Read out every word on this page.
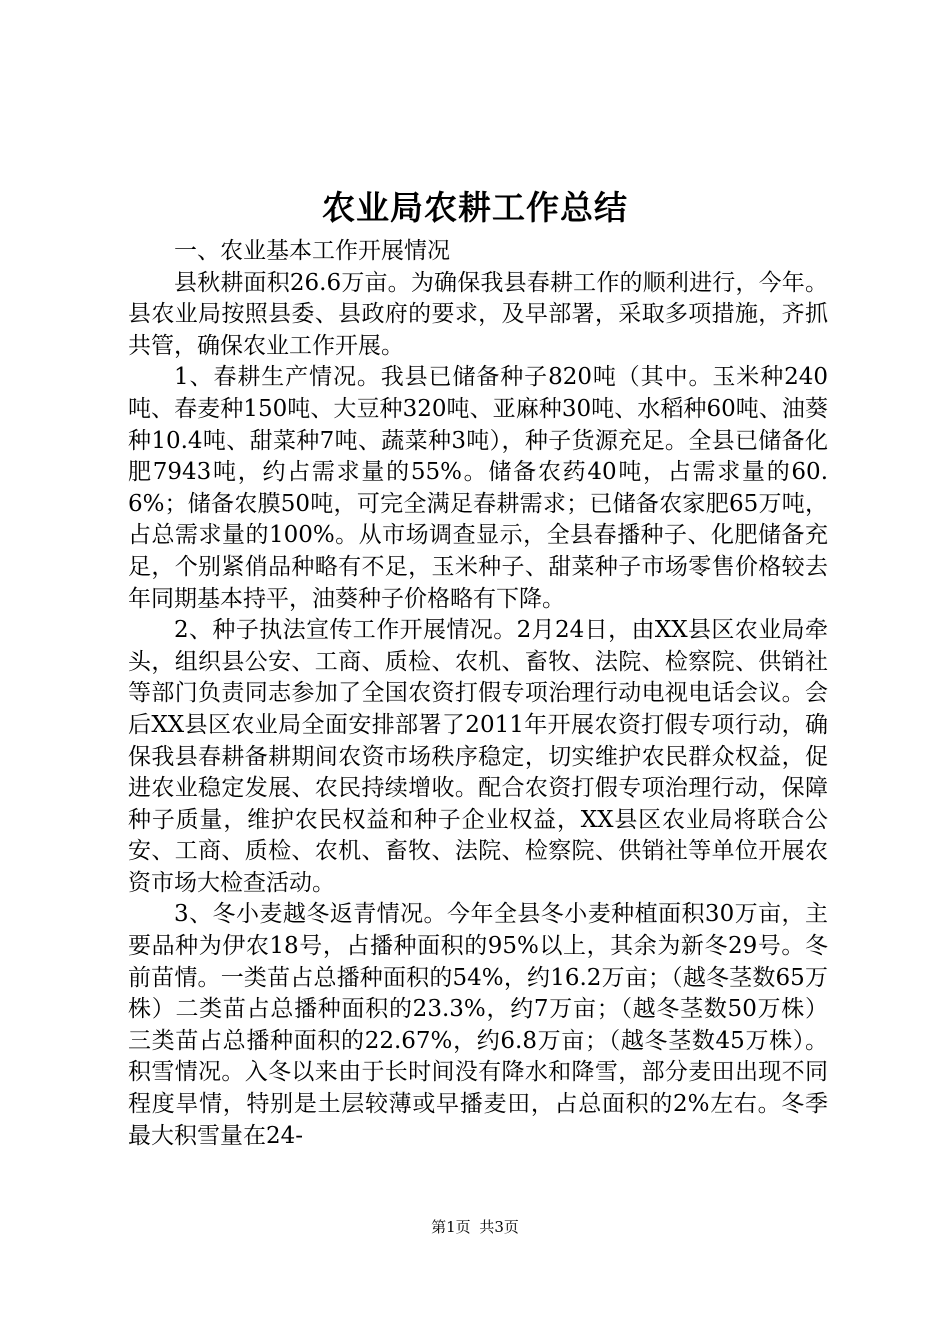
农业局农耕工作总结

一、农业基本工作开展情况

县秋耕面积26.6万亩。为确保我县春耕工作的顺利进行，今年。县农业局按照县委、县政府的要求，及早部署，采取多项措施，齐抓共管，确保农业工作开展。

1、春耕生产情况。我县已储备种子820吨（其中。玉米种240吨、春麦种150吨、大豆种320吨、亚麻种30吨、水稻种60吨、油葵种10.4吨、甜菜种7吨、蔬菜种3吨），种子货源充足。全县已储备化肥7943吨，约占需求量的55%。储备农药40吨，占需求量的60.6%；储备农膜50吨，可完全满足春耕需求；已储备农家肥65万吨，占总需求量的100%。从市场调查显示，全县春播种子、化肥储备充足，个别紧俏品种略有不足，玉米种子、甜菜种子市场零售价格较去年同期基本持平，油葵种子价格略有下降。

2、种子执法宣传工作开展情况。2月24日，由XX县区农业局牵头，组织县公安、工商、质检、农机、畜牧、法院、检察院、供销社等部门负责同志参加了全国农资打假专项治理行动电视电话会议。会后XX县区农业局全面安排部署了2011年开展农资打假专项行动，确保我县春耕备耕期间农资市场秩序稳定，切实维护农民群众权益，促进农业稳定发展、农民持续增收。配合农资打假专项治理行动，保障种子质量，维护农民权益和种子企业权益，XX县区农业局将联合公安、工商、质检、农机、畜牧、法院、检察院、供销社等单位开展农资市场大检查活动。

3、冬小麦越冬返青情况。今年全县冬小麦种植面积30万亩，主要品种为伊农18号，占播种面积的95%以上，其余为新冬29号。冬前苗情。一类苗占总播种面积的54%，约16.2万亩；（越冬茎数65万株）二类苗占总播种面积的23.3%，约7万亩；（越冬茎数50万株）三类苗占总播种面积的22.67%，约6.8万亩；（越冬茎数45万株）。积雪情况。入冬以来由于长时间没有降水和降雪，部分麦田出现不同程度旱情，特别是土层较薄或早播麦田，占总面积的2%左右。冬季最大积雪量在24-

第1页 共3页
